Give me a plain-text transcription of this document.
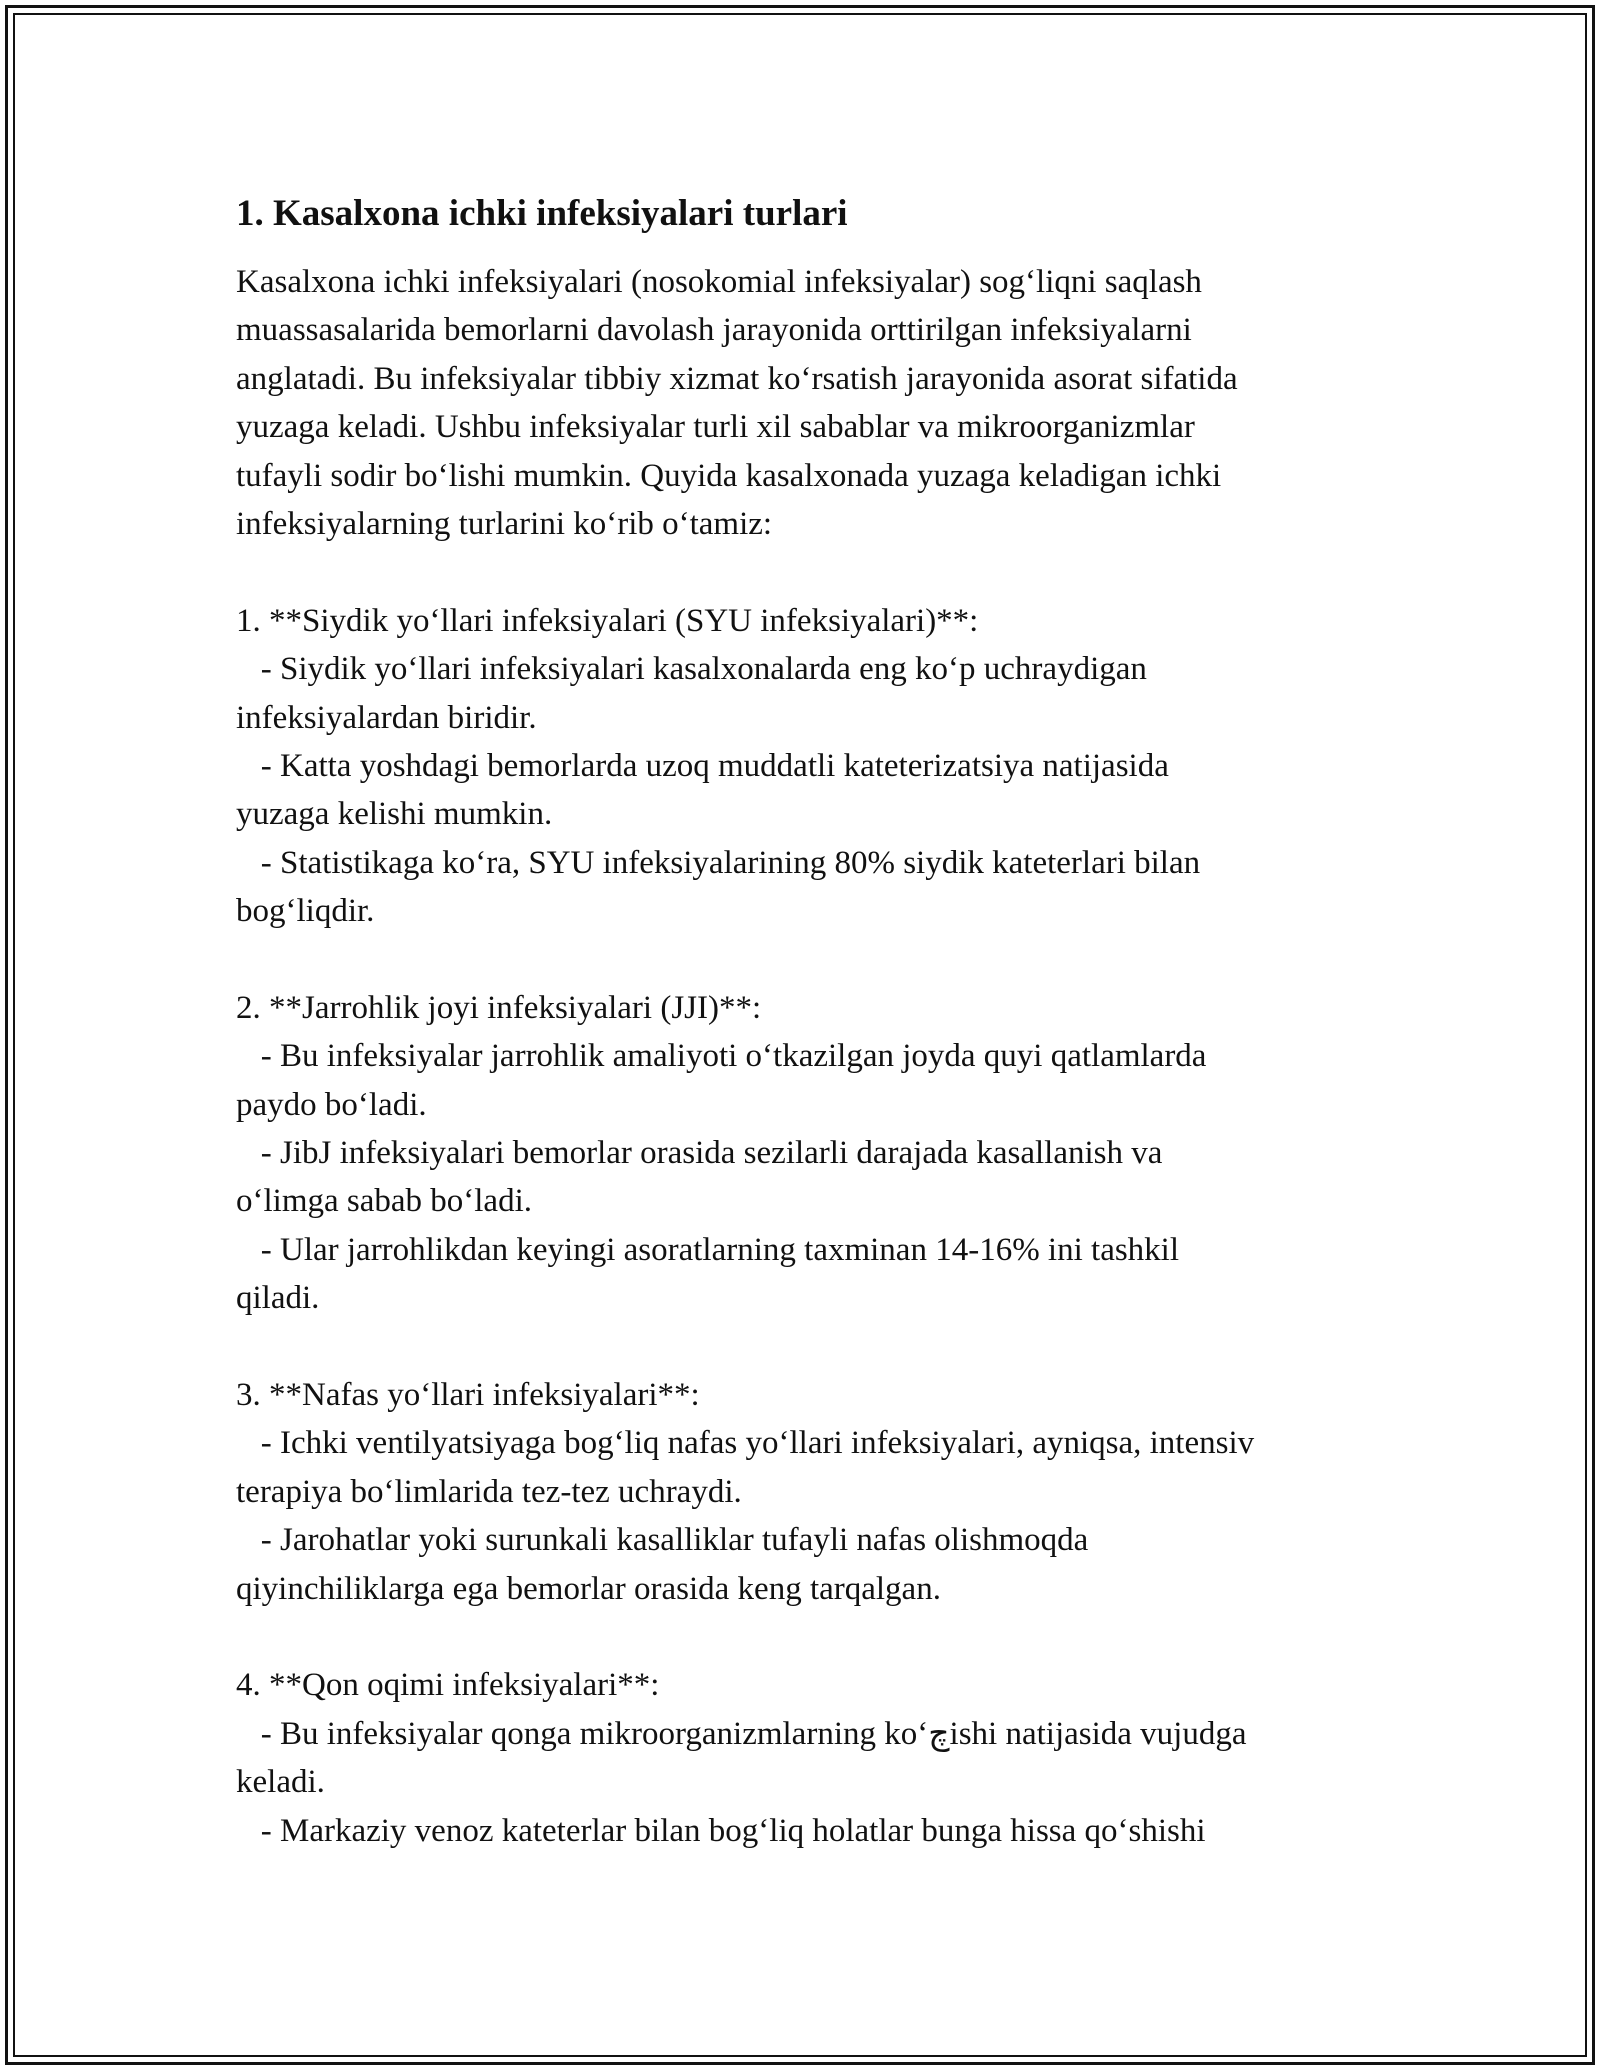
1. Kasalxona ichki infeksiyalari turlari
Kasalxona ichki infeksiyalari (nosokomial infeksiyalar) sog‘liqni saqlash
muassasalarida bemorlarni davolash jarayonida orttirilgan infeksiyalarni
anglatadi. Bu infeksiyalar tibbiy xizmat ko‘rsatish jarayonida asorat sifatida
yuzaga keladi. Ushbu infeksiyalar turli xil sabablar va mikroorganizmlar
tufayli sodir bo‘lishi mumkin. Quyida kasalxonada yuzaga keladigan ichki
infeksiyalarning turlarini ko‘rib o‘tamiz:
1. **Siydik yo‘llari infeksiyalari (SYU infeksiyalari)**:
- Siydik yo‘llari infeksiyalari kasalxonalarda eng ko‘p uchraydigan
infeksiyalardan biridir.
- Katta yoshdagi bemorlarda uzoq muddatli kateterizatsiya natijasida
yuzaga kelishi mumkin.
- Statistikaga ko‘ra, SYU infeksiyalarining 80% siydik kateterlari bilan
bog‘liqdir.
2. **Jarrohlik joyi infeksiyalari (JJI)**:
- Bu infeksiyalar jarrohlik amaliyoti o‘tkazilgan joyda quyi qatlamlarda
paydo bo‘ladi.
- JibJ infeksiyalari bemorlar orasida sezilarli darajada kasallanish va
o‘limga sabab bo‘ladi.
- Ular jarrohlikdan keyingi asoratlarning taxminan 14-16% ini tashkil
qiladi.
3. **Nafas yo‘llari infeksiyalari**:
- Ichki ventilyatsiyaga bog‘liq nafas yo‘llari infeksiyalari, ayniqsa, intensiv
terapiya bo‘limlarida tez-tez uchraydi.
- Jarohatlar yoki surunkali kasalliklar tufayli nafas olishmoqda
qiyinchiliklarga ega bemorlar orasida keng tarqalgan.
4. **Qon oqimi infeksiyalari**:
- Bu infeksiyalar qonga mikroorganizmlarning ko‘چishi natijasida vujudga
keladi.
- Markaziy venoz kateterlar bilan bog‘liq holatlar bunga hissa qo‘shishi
